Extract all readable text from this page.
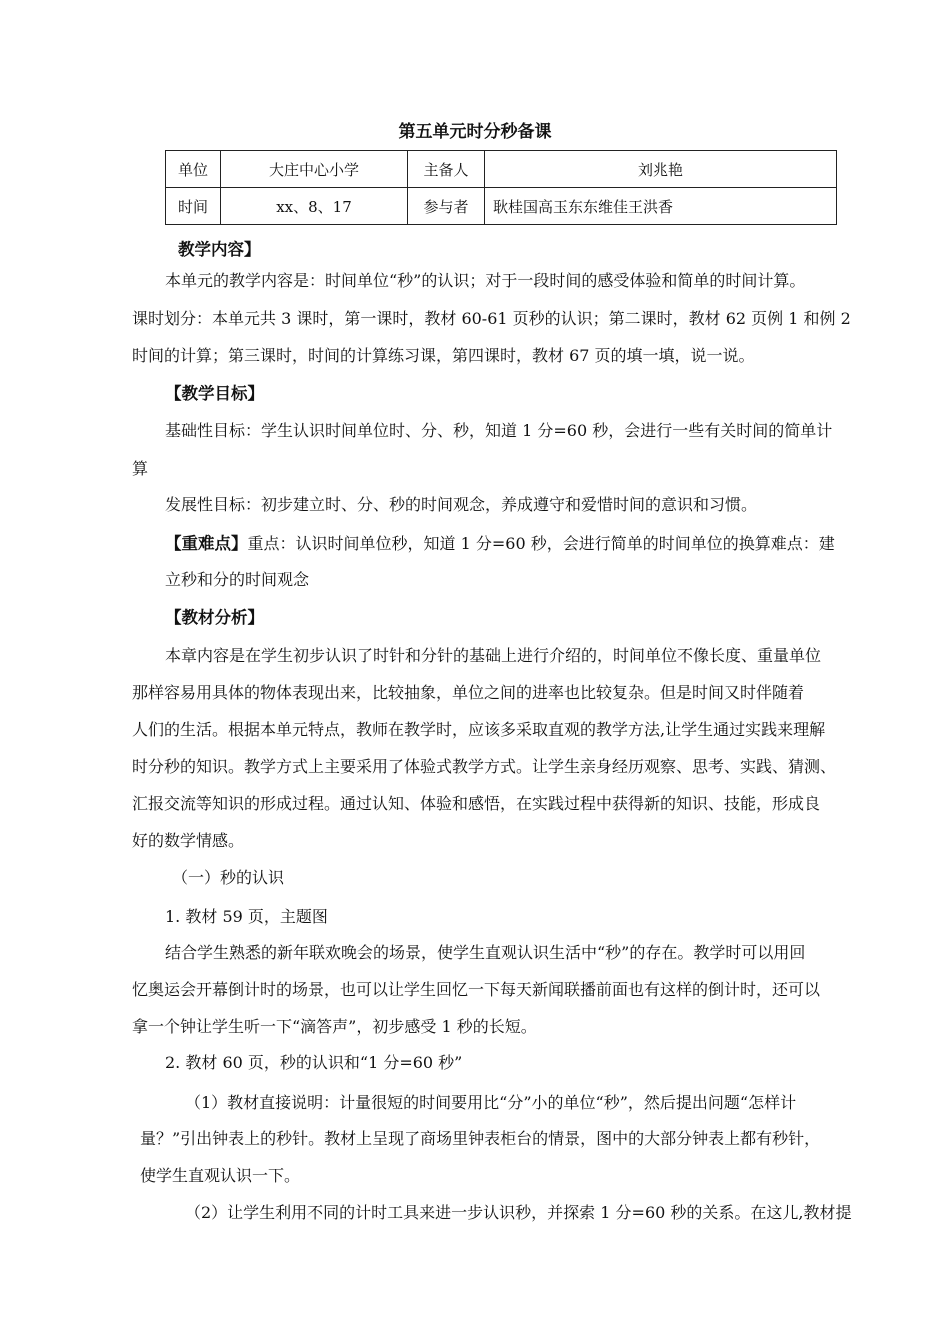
第五单元时分秒备课
单位	大庄中心小学	主备人	刘兆艳
时间	xx、8、17	参与者	耿桂国高玉东东维佳王洪香
教学内容】
本单元的教学内容是：时间单位“秒”的认识；对于一段时间的感受体验和简单的时间计算。
课时划分：本单元共 3 课时，第一课时，教材 60-61 页秒的认识；第二课时，教材 62 页例 1 和例 2
时间的计算；第三课时，时间的计算练习课，第四课时，教材 67 页的填一填，说一说。
【教学目标】
基础性目标：学生认识时间单位时、分、秒，知道 1 分=60 秒，会进行一些有关时间的简单计
算
发展性目标：初步建立时、分、秒的时间观念，养成遵守和爱惜时间的意识和习惯。
【重难点】重点：认识时间单位秒，知道 1 分=60 秒，会进行简单的时间单位的换算难点：建
立秒和分的时间观念
【教材分析】
本章内容是在学生初步认识了时针和分针的基础上进行介绍的，时间单位不像长度、重量单位
那样容易用具体的物体表现出来，比较抽象，单位之间的进率也比较复杂。但是时间又时伴随着
人们的生活。根据本单元特点，教师在教学时，应该多采取直观的教学方法,让学生通过实践来理解
时分秒的知识。教学方式上主要采用了体验式教学方式。让学生亲身经历观察、思考、实践、猜测、
汇报交流等知识的形成过程。通过认知、体验和感悟，在实践过程中获得新的知识、技能，形成良
好的数学情感。
（一）秒的认识
1. 教材 59 页，主题图
结合学生熟悉的新年联欢晚会的场景，使学生直观认识生活中“秒”的存在。教学时可以用回
忆奥运会开幕倒计时的场景，也可以让学生回忆一下每天新闻联播前面也有这样的倒计时，还可以
拿一个钟让学生听一下“滴答声”，初步感受 1 秒的长短。
2. 教材 60 页，秒的认识和“1 分=60 秒”
（1）教材直接说明：计量很短的时间要用比“分”小的单位“秒”，然后提出问题“怎样计
量？”引出钟表上的秒针。教材上呈现了商场里钟表柜台的情景，图中的大部分钟表上都有秒针，
使学生直观认识一下。
（2）让学生利用不同的计时工具来进一步认识秒，并探索 1 分=60 秒的关系。在这儿,教材提
